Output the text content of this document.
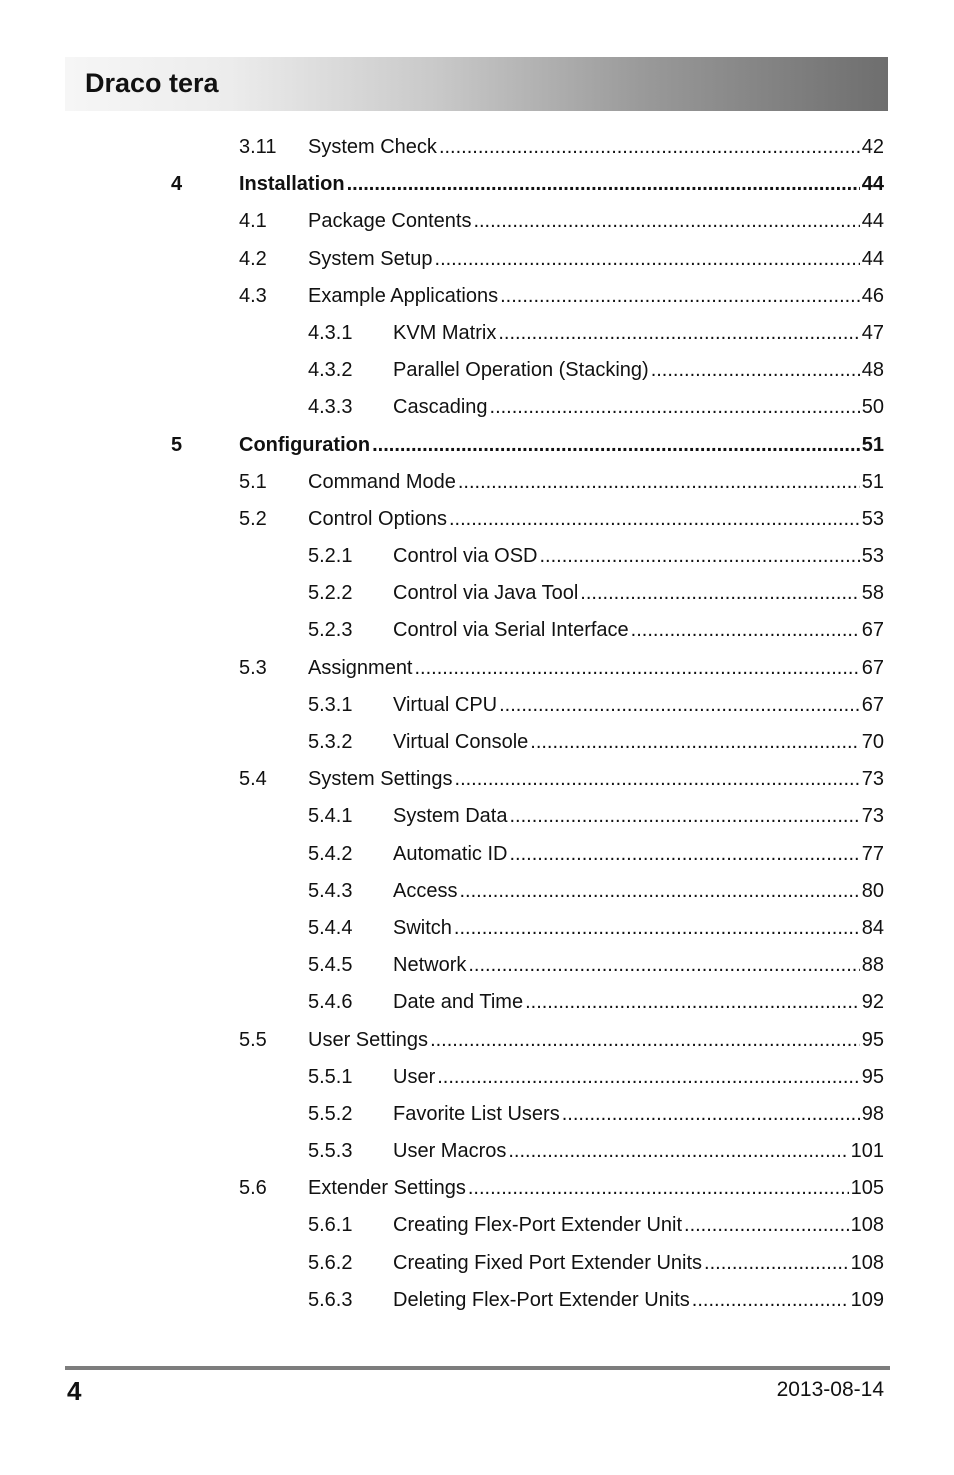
Draco tera
3.11 System Check .....	42
4	Installation .....	44
4.1 Package Contents .....	44
4.2 System Setup .....	44
4.3 Example Applications .....	46
4.3.1 KVM Matrix .....	47
4.3.2 Parallel Operation (Stacking) .....	48
4.3.3 Cascading .....	50
5	Configuration .....	51
5.1 Command Mode .....	51
5.2 Control Options .....	53
5.2.1 Control via OSD .....	53
5.2.2 Control via Java Tool .....	58
5.2.3 Control via Serial Interface .....	67
5.3 Assignment .....	67
5.3.1 Virtual CPU .....	67
5.3.2 Virtual Console .....	70
5.4 System Settings .....	73
5.4.1 System Data .....	73
5.4.2 Automatic ID .....	77
5.4.3 Access .....	80
5.4.4 Switch .....	84
5.4.5 Network .....	88
5.4.6 Date and Time .....	92
5.5 User Settings .....	95
5.5.1 User .....	95
5.5.2 Favorite List Users .....	98
5.5.3 User Macros .....	101
5.6 Extender Settings .....	105
5.6.1 Creating Flex-Port Extender Unit .....	108
5.6.2 Creating Fixed Port Extender Units .....	108
5.6.3 Deleting Flex-Port Extender Units .....	109
4	2013-08-14
